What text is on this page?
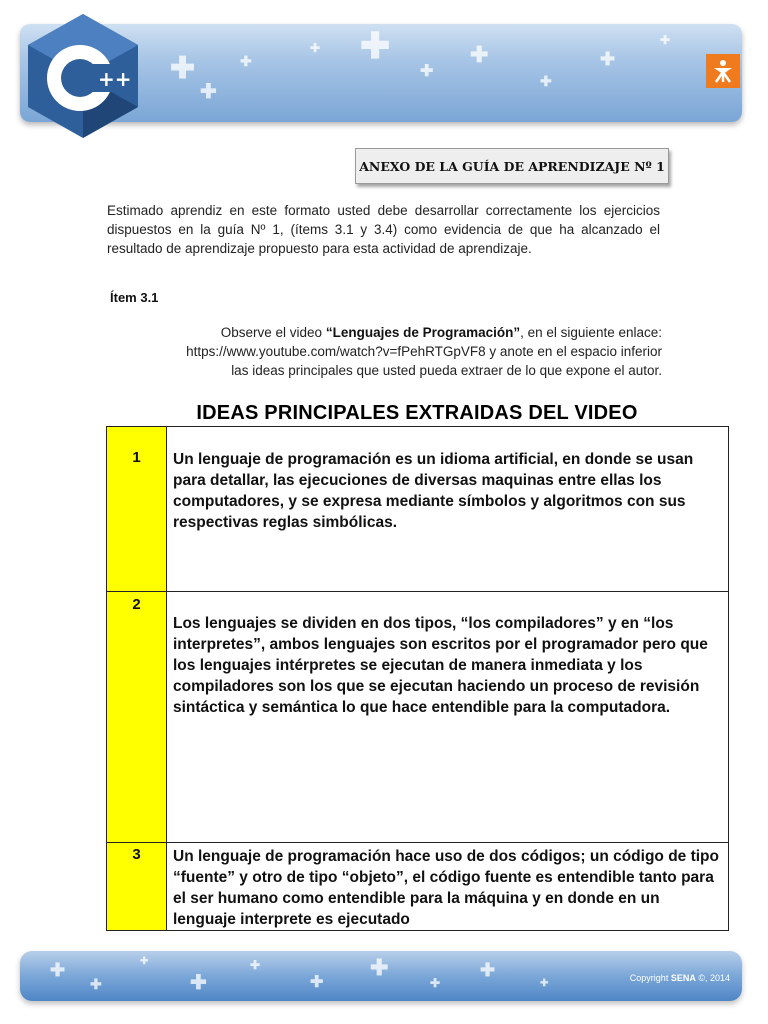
✚
✚
✚
✚ ✚
✚
✚
✚
✚
✚
++
ANEXO DE LA GUÍA DE APRENDIZAJE Nº 1

Estimado aprendiz en este formato usted debe desarrollar correctamente los ejercicios dispuestos en la guía Nº 1, (ítems 3.1 y 3.4) como evidencia de que ha alcanzado el resultado de aprendizaje propuesto para esta actividad de aprendizaje.

Ítem 3.1
Observe el video “Lenguajes de Programación”, en el siguiente enlace:
https://www.youtube.com/watch?v=fPehRTGpVF8 y anote en el espacio inferior
las ideas principales que usted pueda extraer de lo que expone el autor.
IDEAS PRINCIPALES EXTRAIDAS DEL VIDEO
1	Un lenguaje de programación es un idioma artificial, en donde se usan para detallar, las ejecuciones de diversas maquinas entre ellas los computadores, y se expresa mediante símbolos y algoritmos con sus respectivas reglas simbólicas.
2	Los lenguajes se dividen en dos tipos, “los compiladores” y en “los interpretes”, ambos lenguajes son escritos por el programador pero que los lenguajes intérpretes se ejecutan de manera inmediata y los compiladores son los que se ejecutan haciendo un proceso de revisión sintáctica y semántica lo que hace entendible para la computadora.
3	Un lenguaje de programación hace uso de dos códigos; un código de tipo “fuente” y otro de tipo “objeto”, el código fuente es entendible tanto para el ser humano como entendible para la máquina y en donde en un lenguaje interprete es ejecutado
✚
✚
✚
✚
✚
✚
✚
✚
✚
✚	Copyright SENA ©, 2014
